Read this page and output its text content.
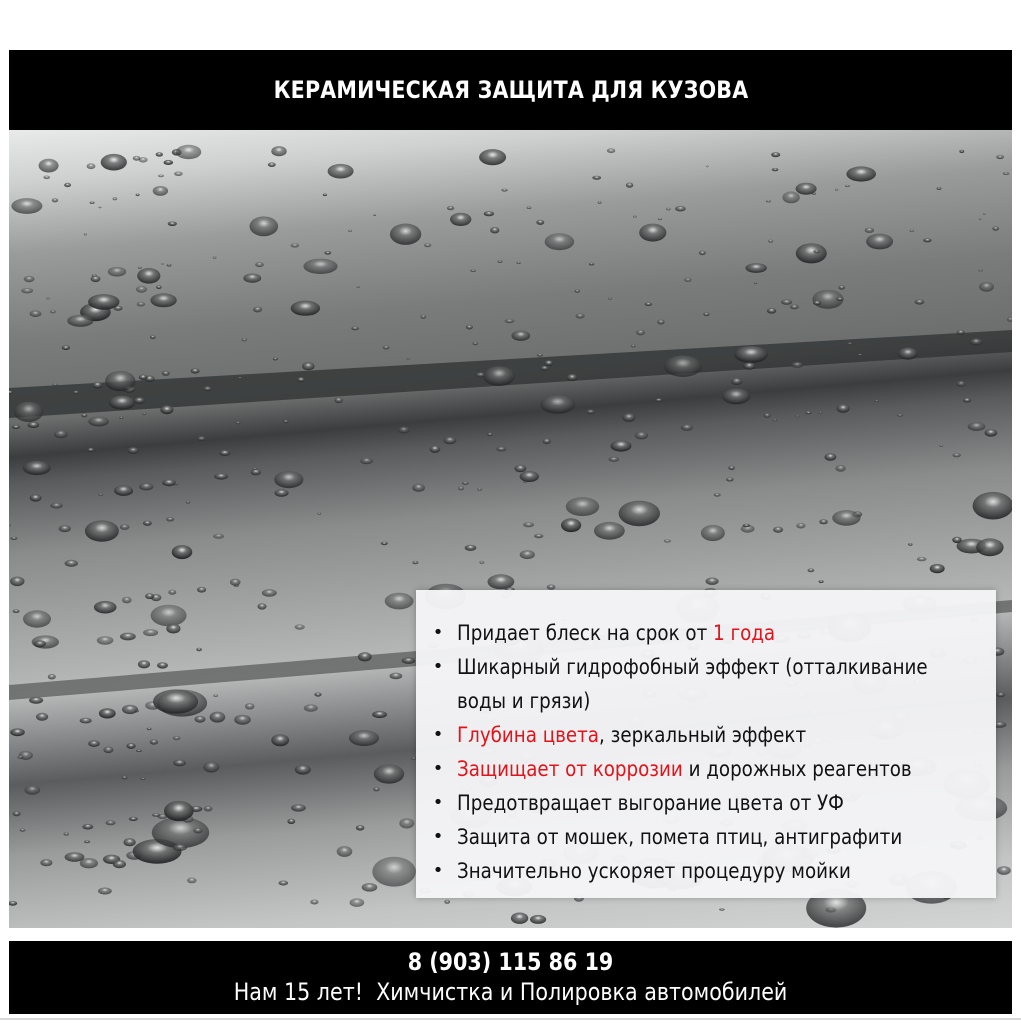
КЕРАМИЧЕСКАЯ ЗАЩИТА ДЛЯ КУЗОВА
• Придает блеск на срок от 1 года
• Шикарный гидрофобный эффект (отталкивание
воды и грязи)
• Глубина цвета, зеркальный эффект
• Защищает от коррозии и дорожных реагентов
• Предотвращает выгорание цвета от УФ
• Защита от мошек, помета птиц, антиграфити
• Значительно ускоряет процедуру мойки
8 (903) 115 86 19
Нам 15 лет!  Химчистка и Полировка автомобилей
